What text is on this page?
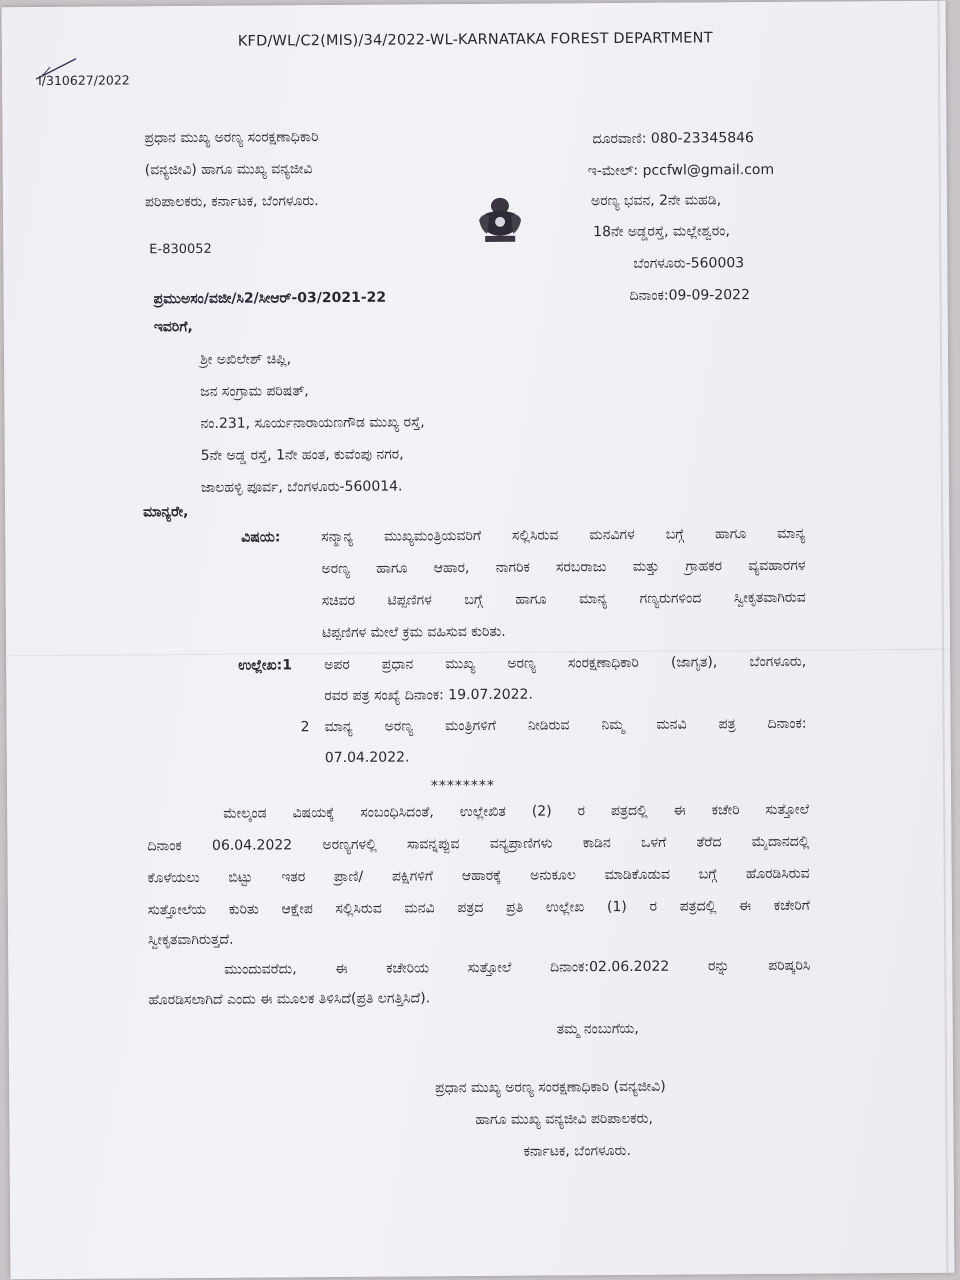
KFD/WL/C2(MIS)/34/2022-WL-KARNATAKA FOREST DEPARTMENT
I/310627/2022
ಪ್ರಧಾನ ಮುಖ್ಯ ಅರಣ್ಯ ಸಂರಕ್ಷಣಾಧಿಕಾರಿ
(ವನ್ಯಜೀವಿ) ಹಾಗೂ ಮುಖ್ಯ ವನ್ಯಜೀವಿ
ಪರಿಪಾಲಕರು, ಕರ್ನಾಟಕ, ಬೆಂಗಳೂರು.
ದೂರವಾಣಿ: 080-23345846
ಇ-ಮೇಲ್: pccfwl@gmail.com
ಅರಣ್ಯ ಭವನ, 2ನೇ ಮಹಡಿ,
18ನೇ ಅಡ್ಡರಸ್ತೆ, ಮಲ್ಲೇಶ್ವರಂ,
ಬೆಂಗಳೂರು-560003
E-830052
ಪ್ರಮುಅಸಂ/ವಜೀ/ಸಿ2/ಸೀಆರ್-03/2021-22	ದಿನಾಂಕ:09-09-2022
ಇವರಿಗೆ,
ಶ್ರೀ ಅಖಿಲೇಶ್ ಚಿಪ್ಲಿ,
ಜನ ಸಂಗ್ರಾಮ ಪರಿಷತ್,
ನಂ.231, ಸೂರ್ಯನಾರಾಯಣಗೌಡ ಮುಖ್ಯ ರಸ್ತೆ,
5ನೇ ಅಡ್ಡ ರಸ್ತೆ, 1ನೇ ಹಂತ, ಕುವೆಂಪು ನಗರ,
ಜಾಲಹಳ್ಳಿ ಪೂರ್ವ, ಬೆಂಗಳೂರು-560014.
ಮಾನ್ಯರೇ,
ವಿಷಯ:	ಸನ್ಮಾನ್ಯ ಮುಖ್ಯಮಂತ್ರಿಯವರಿಗೆ ಸಲ್ಲಿಸಿರುವ ಮನವಿಗಳ ಬಗ್ಗೆ ಹಾಗೂ ಮಾನ್ಯ
ಅರಣ್ಯ ಹಾಗೂ ಆಹಾರ, ನಾಗರಿಕ ಸರಬರಾಜು ಮತ್ತು ಗ್ರಾಹಕರ ವ್ಯವಹಾರಗಳ
ಸಚಿವರ ಟಿಪ್ಪಣಿಗಳ ಬಗ್ಗೆ ಹಾಗೂ ಮಾನ್ಯ ಗಣ್ಯರುಗಳಿಂದ ಸ್ವೀಕೃತವಾಗಿರುವ
ಟಿಪ್ಪಣಿಗಳ ಮೇಲೆ ಕ್ರಮ ವಹಿಸುವ ಕುರಿತು.
ಉಲ್ಲೇಖ:1 ಅಪರ ಪ್ರಧಾನ ಮುಖ್ಯ ಅರಣ್ಯ ಸಂರಕ್ಷಣಾಧಿಕಾರಿ (ಜಾಗೃತ), ಬೆಂಗಳೂರು,
ರವರ ಪತ್ರ ಸಂಖ್ಯೆ ದಿನಾಂಕ: 19.07.2022.
2 ಮಾನ್ಯ ಅರಣ್ಯ ಮಂತ್ರಿಗಳಿಗೆ ನೀಡಿರುವ ನಿಮ್ಮ ಮನವಿ ಪತ್ರ ದಿನಾಂಕ:
07.04.2022.
********
ಮೇಲ್ಕಂಡ ವಿಷಯಕ್ಕೆ ಸಂಬಂಧಿಸಿದಂತೆ, ಉಲ್ಲೇಖಿತ (2) ರ ಪತ್ರದಲ್ಲಿ ಈ ಕಚೇರಿ ಸುತ್ತೋಲೆ
ದಿನಾಂಕ 06.04.2022 ಅರಣ್ಯಗಳಲ್ಲಿ ಸಾವನ್ನಪ್ಪುವ ವನ್ಯಪ್ರಾಣಿಗಳು ಕಾಡಿನ ಒಳಗೆ ತೆರೆದ ಮೈದಾನದಲ್ಲಿ
ಕೊಳೆಯಲು ಬಿಟ್ಟು ಇತರ ಪ್ರಾಣಿ/ ಪಕ್ಷಿಗಳಿಗೆ ಆಹಾರಕ್ಕೆ ಅನುಕೂಲ ಮಾಡಿಕೊಡುವ ಬಗ್ಗೆ ಹೊರಡಿಸಿರುವ
ಸುತ್ತೋಲೆಯ ಕುರಿತು ಆಕ್ಷೇಪ ಸಲ್ಲಿಸಿರುವ ಮನವಿ ಪತ್ರದ ಪ್ರತಿ ಉಲ್ಲೇಖ (1) ರ ಪತ್ರದಲ್ಲಿ ಈ ಕಚೇರಿಗೆ
ಸ್ವೀಕೃತವಾಗಿರುತ್ತದೆ.
ಮುಂದುವರೆದು, ಈ ಕಚೇರಿಯ ಸುತ್ತೋಲೆ ದಿನಾಂಕ:02.06.2022 ರನ್ನು ಪರಿಷ್ಕರಿಸಿ
ಹೊರಡಿಸಲಾಗಿದೆ ಎಂದು ಈ ಮೂಲಕ ತಿಳಿಸಿದೆ(ಪ್ರತಿ ಲಗತ್ತಿಸಿದೆ).
ತಮ್ಮ ನಂಬುಗೆಯ,
ಪ್ರಧಾನ ಮುಖ್ಯ ಅರಣ್ಯ ಸಂರಕ್ಷಣಾಧಿಕಾರಿ (ವನ್ಯಜೀವಿ)
ಹಾಗೂ ಮುಖ್ಯ ವನ್ಯಜೀವಿ ಪರಿಪಾಲಕರು,
ಕರ್ನಾಟಕ, ಬೆಂಗಳೂರು.
